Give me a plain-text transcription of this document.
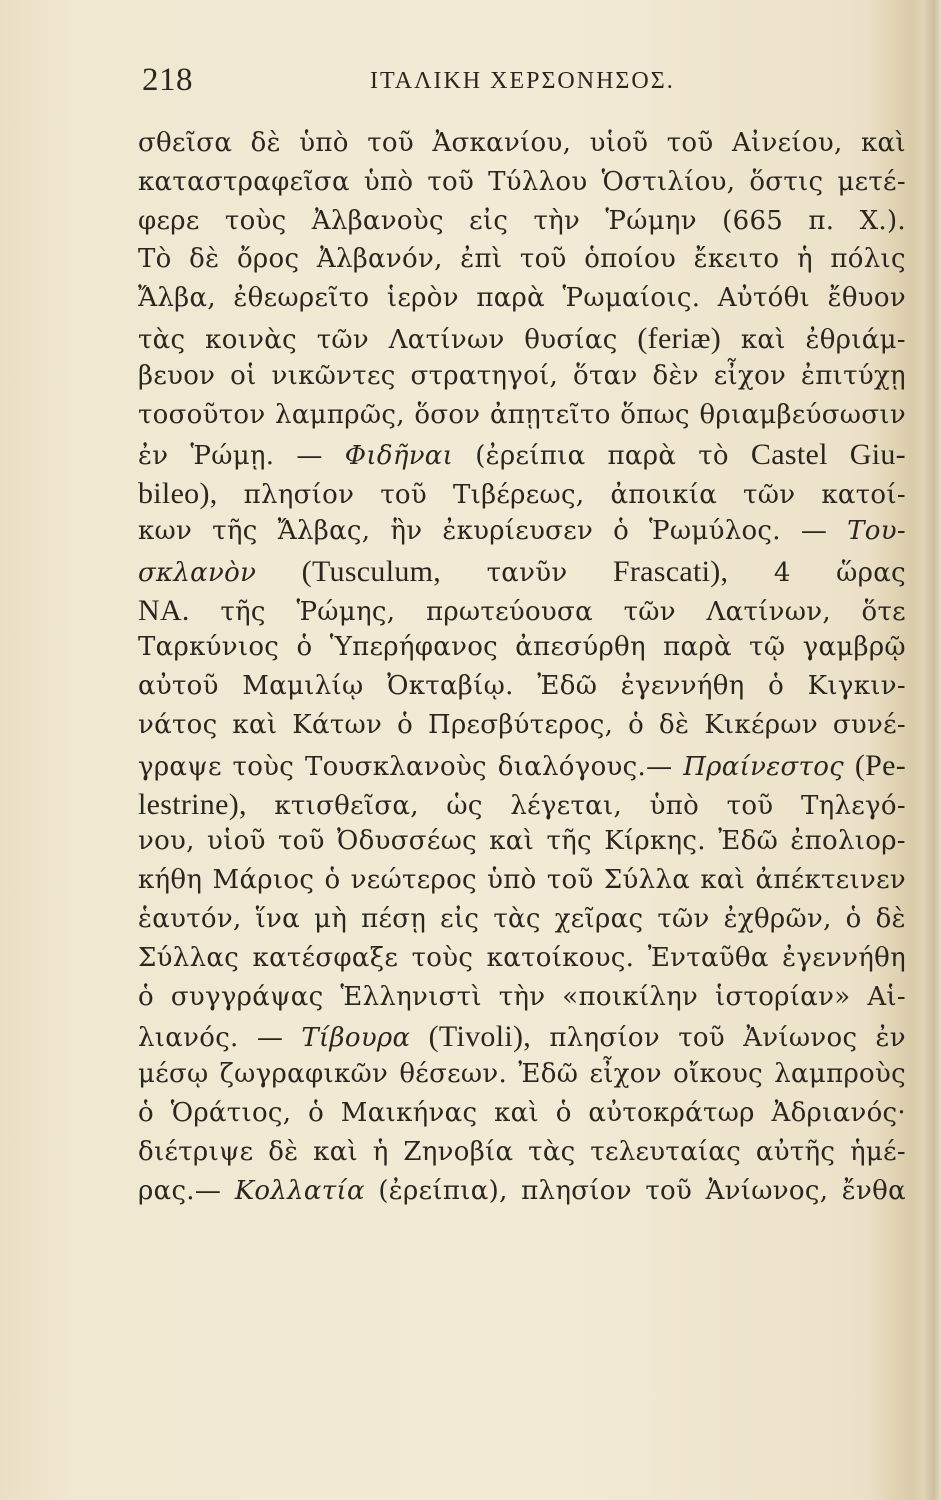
218	ΙΤΑΛΙΚΗ ΧΕΡΣΟΝΗΣΟΣ.
σθεῖσα δὲ ὑπὸ τοῦ Ἀσκανίου, υἱοῦ τοῦ Αἰνείου, καὶ
καταστραφεῖσα ὑπὸ τοῦ Τύλλου Ὁστιλίου, ὅστις μετέ-
φερε τοὺς Ἀλβανοὺς εἰς τὴν Ῥώμην (665 π. Χ.).
Τὸ δὲ ὄρος Ἀλβανόν, ἐπὶ τοῦ ὁποίου ἔκειτο ἡ πόλις
Ἄλβα, ἐθεωρεῖτο ἱερὸν παρὰ Ῥωμαίοις. Αὐτόθι ἔθυον
τὰς κοινὰς τῶν Λατίνων θυσίας (feriæ) καὶ ἐθριάμ-
βευον οἱ νικῶντες στρατηγοί, ὅταν δὲν εἶχον ἐπιτύχῃ
τοσοῦτον λαμπρῶς, ὅσον ἀπῃτεῖτο ὅπως θριαμβεύσωσιν
ἐν Ῥώμῃ. — Φιδῆναι (ἐρείπια παρὰ τὸ Castel Giu-
bileo), πλησίον τοῦ Τιβέρεως, ἀποικία τῶν κατοί-
κων τῆς Ἄλβας, ἣν ἐκυρίευσεν ὁ Ῥωμύλος. — Του-
σκλανὸν (Tusculum, τανῦν Frascati), 4 ὥρας
ΝΑ. τῆς Ῥώμης, πρωτεύουσα τῶν Λατίνων, ὅτε
Ταρκύνιος ὁ Ὑπερήφανος ἀπεσύρθη παρὰ τῷ γαμβρῷ
αὐτοῦ Μαμιλίῳ Ὀκταβίῳ. Ἐδῶ ἐγεννήθη ὁ Κιγκιν-
νάτος καὶ Κάτων ὁ Πρεσβύτερος, ὁ δὲ Κικέρων συνέ-
γραψε τοὺς Τουσκλανοὺς διαλόγους.— Πραίνεστος (Pe-
lestrine), κτισθεῖσα, ὡς λέγεται, ὑπὸ τοῦ Τηλεγό-
νου, υἱοῦ τοῦ Ὀδυσσέως καὶ τῆς Κίρκης. Ἐδῶ ἐπολιορ-
κήθη Μάριος ὁ νεώτερος ὑπὸ τοῦ Σύλλα καὶ ἀπέκτεινεν
ἑαυτόν, ἵνα μὴ πέσῃ εἰς τὰς χεῖρας τῶν ἐχθρῶν, ὁ δὲ
Σύλλας κατέσφαξε τοὺς κατοίκους. Ἐνταῦθα ἐγεννήθη
ὁ συγγράψας Ἑλληνιστὶ τὴν «ποικίλην ἱστορίαν» Αἱ-
λιανός. — Τίβουρα (Tivoli), πλησίον τοῦ Ἀνίωνος ἐν
μέσῳ ζωγραφικῶν θέσεων. Ἐδῶ εἶχον οἴκους λαμπροὺς
ὁ Ὁράτιος, ὁ Μαικήνας καὶ ὁ αὐτοκράτωρ Ἀδριανός·
διέτριψε δὲ καὶ ἡ Ζηνοβία τὰς τελευταίας αὐτῆς ἡμέ-
ρας.— Κολλατία (ἐρείπια), πλησίον τοῦ Ἀνίωνος, ἔνθα
